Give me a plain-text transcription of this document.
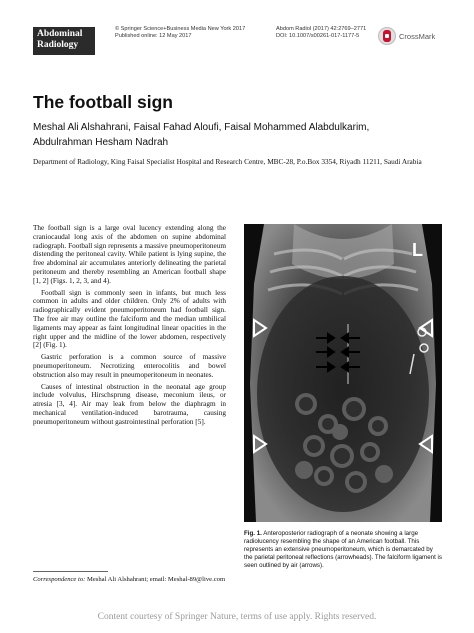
Abdominal
Radiology
© Springer Science+Business Media New York 2017
Published online: 12 May 2017
Abdom Radiol (2017) 42:2769–2771
DOI: 10.1007/s00261-017-1177-5	CrossMark
The football sign
Meshal Ali Alshahrani, Faisal Fahad Aloufi, Faisal Mohammed Alabdulkarim,
Abdulrahman Hesham Nadrah
Department of Radiology, King Faisal Specialist Hospital and Research Centre, MBC-28, P.o.Box 3354, Riyadh 11211, Saudi Arabia

The football sign is a large oval lucency extending along the craniocaudal long axis of the abdomen on supine abdominal radiograph. Football sign represents a massive pneumoperitoneum distending the peritoneal cavity. While patient is lying supine, the free abdominal air accumulates anteriorly delineating the parietal peritoneum and thereby resembling an American football shape [1, 2] (Figs. 1, 2, 3, and 4).

Football sign is commonly seen in infants, but much less common in adults and older children. Only 2% of adults with radiographically evident pneumoperitoneum had football sign. The free air may outline the falciform and the median umbilical ligaments may appear as faint longitudinal linear opacities in the right upper and the midline of the lower abdomen, respectively [2] (Fig. 1).

Gastric perforation is a common source of massive pneumoperitoneum. Necrotizing enterocolitis and bowel obstruction also may result in pneumoperitoneum in neonates.

Causes of intestinal obstruction in the neonatal age group include volvulus, Hirschsprung disease, meconium ileus, or atresia [3, 4]. Air may leak from below the diaphragm in mechanical ventilation-induced barotrauma, causing pneumoperitoneum without gastrointestinal perforation [5].

L
Fig. 1. Anteroposterior radiograph of a neonate showing a large radiolucency resembling the shape of an American football. This represents an extensive pneumoperitoneum, which is demarcated by the parietal peritoneal reflections (arrowheads). The falciform ligament is seen outlined by air (arrows).
Correspondence to: Meshal Ali Alshahrani; email: Meshal-89@live.com
Content courtesy of Springer Nature, terms of use apply. Rights reserved.
